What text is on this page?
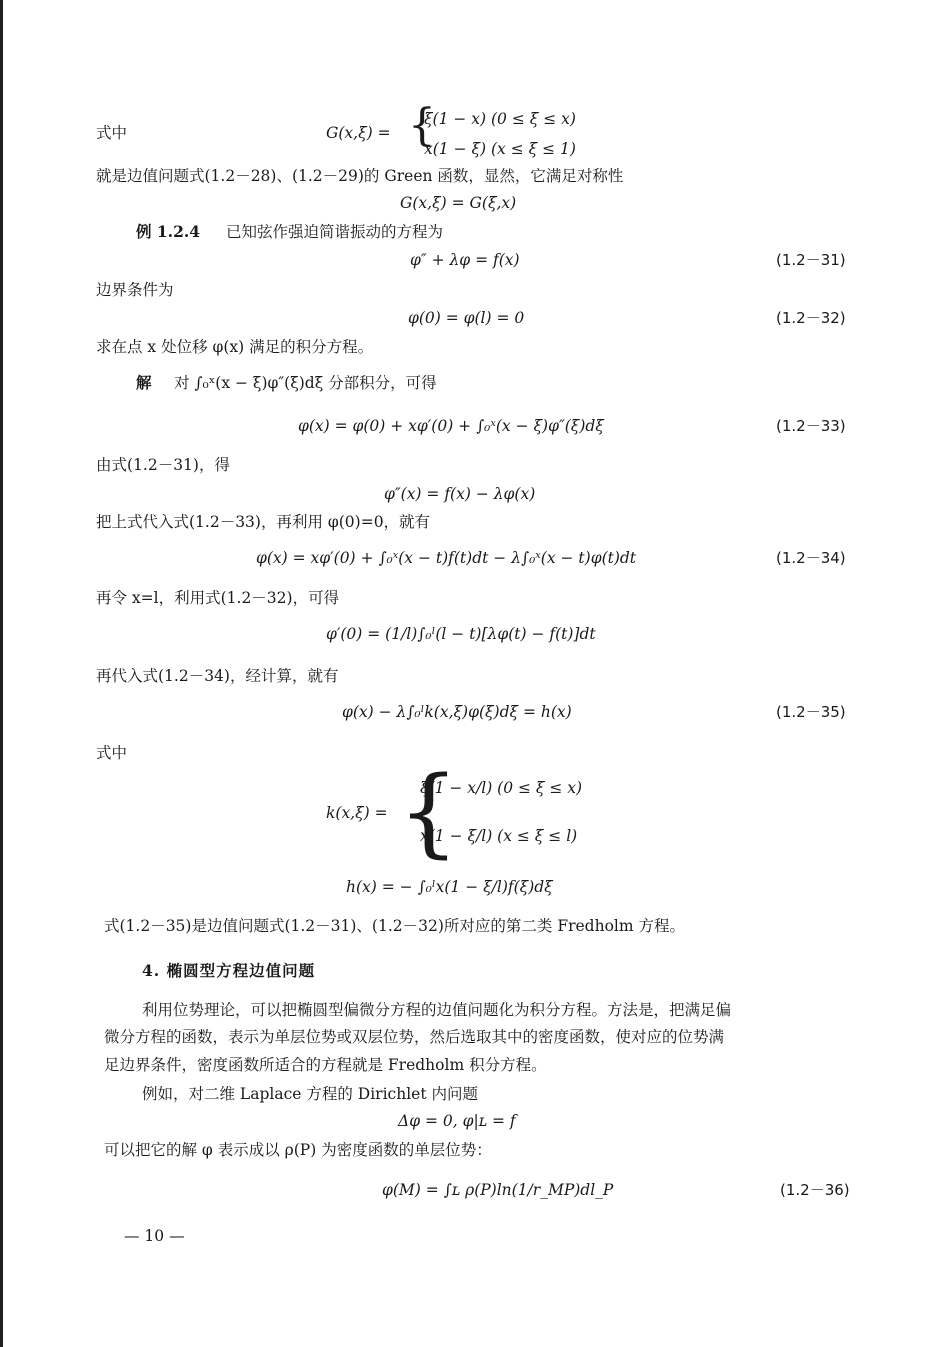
式中	G(x,ξ) = {
ξ(1 − x) (0 ≤ ξ ≤ x)
x(1 − ξ) (x ≤ ξ ≤ 1)
就是边值问题式(1.2－28)、(1.2－29)的 Green 函数，显然，它满足对称性
G(x,ξ) = G(ξ,x)
例 1.2.4 已知弦作强迫简谐振动的方程为
φ″ + λφ = f(x)	(1.2－31)
边界条件为
φ(0) = φ(l) = 0	(1.2－32)
求在点 x 处位移 φ(x) 满足的积分方程。
解 对 ∫₀ˣ(x − ξ)φ″(ξ)dξ 分部积分，可得
φ(x) = φ(0) + xφ′(0) + ∫₀ˣ(x − ξ)φ″(ξ)dξ	(1.2－33)
由式(1.2－31)，得
φ″(x) = f(x) − λφ(x)
把上式代入式(1.2－33)，再利用 φ(0)=0，就有
φ(x) = xφ′(0) + ∫₀ˣ(x − t)f(t)dt − λ∫₀ˣ(x − t)φ(t)dt	(1.2－34)
再令 x=l，利用式(1.2－32)，可得
φ′(0) = (1/l)∫₀ˡ(l − t)[λφ(t) − f(t)]dt
再代入式(1.2－34)，经计算，就有
φ(x) − λ∫₀ˡk(x,ξ)φ(ξ)dξ = h(x)	(1.2－35)
式中
k(x,ξ) = {
ξ(1 − x/l) (0 ≤ ξ ≤ x)
x(1 − ξ/l) (x ≤ ξ ≤ l)
h(x) = − ∫₀ˡx(1 − ξ/l)f(ξ)dξ
式(1.2－35)是边值问题式(1.2－31)、(1.2－32)所对应的第二类 Fredholm 方程。
4. 椭圆型方程边值问题
利用位势理论，可以把椭圆型偏微分方程的边值问题化为积分方程。方法是，把满足偏
微分方程的函数，表示为单层位势或双层位势，然后选取其中的密度函数，使对应的位势满
足边界条件，密度函数所适合的方程就是 Fredholm 积分方程。
例如，对二维 Laplace 方程的 Dirichlet 内问题
Δφ = 0, φ|ʟ = f
可以把它的解 φ 表示成以 ρ(P) 为密度函数的单层位势：
φ(M) = ∫ʟ ρ(P)ln(1/r_MP)dl_P	(1.2－36)
— 10 —
